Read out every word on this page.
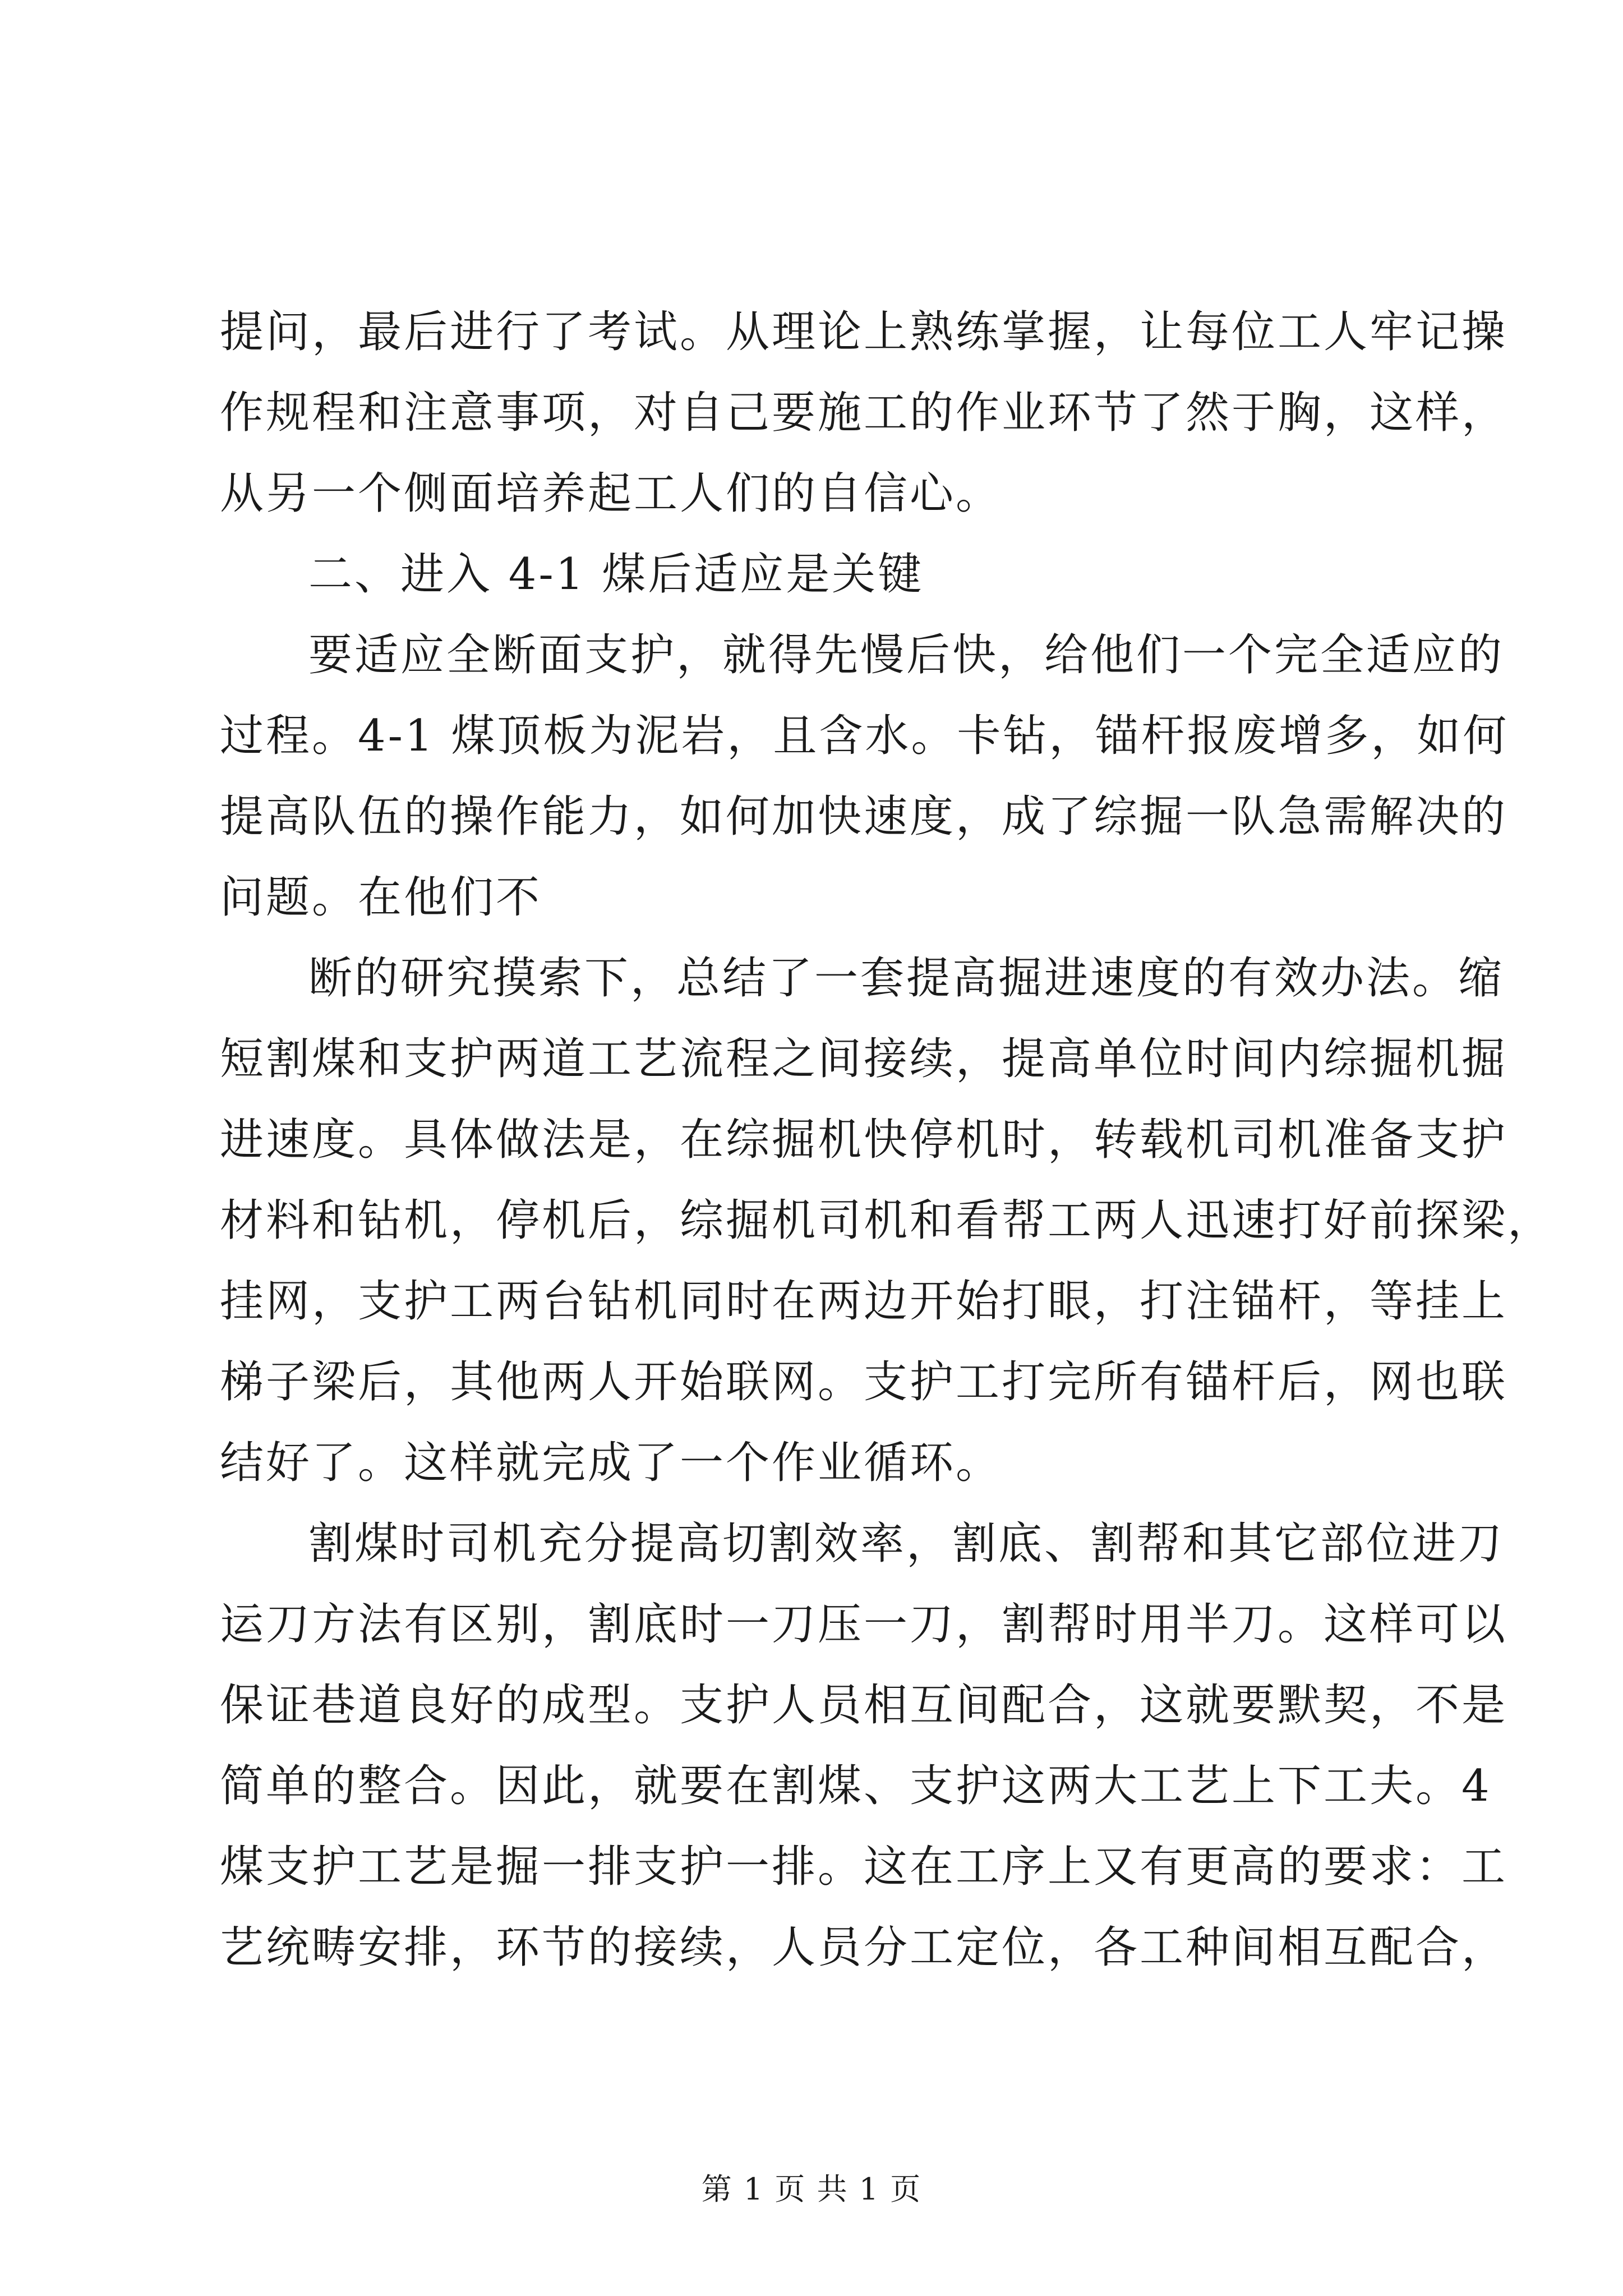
提问，最后进行了考试。从理论上熟练掌握，让每位工人牢记操
作规程和注意事项，对自己要施工的作业环节了然于胸，这样，
从另一个侧面培养起工人们的自信心。
二、进入 4-1 煤后适应是关键
要适应全断面支护，就得先慢后快，给他们一个完全适应的
过程。4-1 煤顶板为泥岩，且含水。卡钻，锚杆报废增多，如何
提高队伍的操作能力，如何加快速度，成了综掘一队急需解决的
问题。在他们不
断的研究摸索下，总结了一套提高掘进速度的有效办法。缩
短割煤和支护两道工艺流程之间接续，提高单位时间内综掘机掘
进速度。具体做法是，在综掘机快停机时，转载机司机准备支护
材料和钻机，停机后，综掘机司机和看帮工两人迅速打好前探梁，
挂网，支护工两台钻机同时在两边开始打眼，打注锚杆，等挂上
梯子梁后，其他两人开始联网。支护工打完所有锚杆后，网也联
结好了。这样就完成了一个作业循环。
割煤时司机充分提高切割效率，割底、割帮和其它部位进刀
运刀方法有区别，割底时一刀压一刀，割帮时用半刀。这样可以
保证巷道良好的成型。支护人员相互间配合，这就要默契，不是
简单的整合。因此，就要在割煤、支护这两大工艺上下工夫。4
煤支护工艺是掘一排支护一排。这在工序上又有更高的要求：工
艺统畴安排，环节的接续，人员分工定位，各工种间相互配合，
第 1 页 共 1 页
